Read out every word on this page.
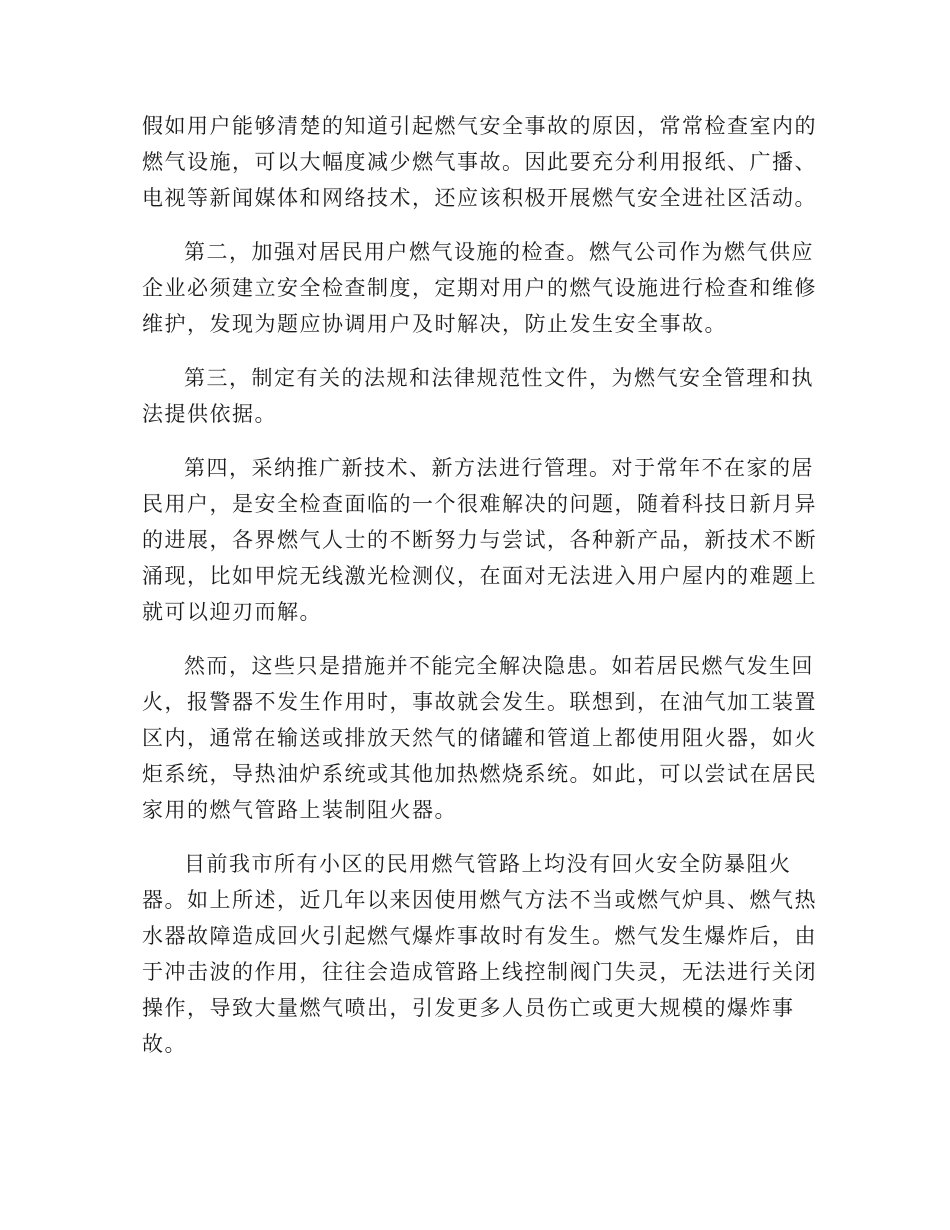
假如用户能够清楚的知道引起燃气安全事故的原因，常常检查室内的
燃气设施，可以大幅度减少燃气事故。因此要充分利用报纸、广播、
电视等新闻媒体和网络技术，还应该积极开展燃气安全进社区活动。

第二，加强对居民用户燃气设施的检查。燃气公司作为燃气供应
企业必须建立安全检查制度，定期对用户的燃气设施进行检查和维修
维护，发现为题应协调用户及时解决，防止发生安全事故。

第三，制定有关的法规和法律规范性文件，为燃气安全管理和执
法提供依据。

第四，采纳推广新技术、新方法进行管理。对于常年不在家的居
民用户，是安全检查面临的一个很难解决的问题，随着科技日新月异
的进展，各界燃气人士的不断努力与尝试，各种新产品，新技术不断
涌现，比如甲烷无线激光检测仪，在面对无法进入用户屋内的难题上
就可以迎刃而解。

然而，这些只是措施并不能完全解决隐患。如若居民燃气发生回
火，报警器不发生作用时，事故就会发生。联想到，在油气加工装置
区内，通常在输送或排放天然气的储罐和管道上都使用阻火器，如火
炬系统，导热油炉系统或其他加热燃烧系统。如此，可以尝试在居民
家用的燃气管路上装制阻火器。

目前我市所有小区的民用燃气管路上均没有回火安全防暴阻火
器。如上所述，近几年以来因使用燃气方法不当或燃气炉具、燃气热
水器故障造成回火引起燃气爆炸事故时有发生。燃气发生爆炸后，由
于冲击波的作用，往往会造成管路上线控制阀门失灵，无法进行关闭
操作，导致大量燃气喷出，引发更多人员伤亡或更大规模的爆炸事
故。
